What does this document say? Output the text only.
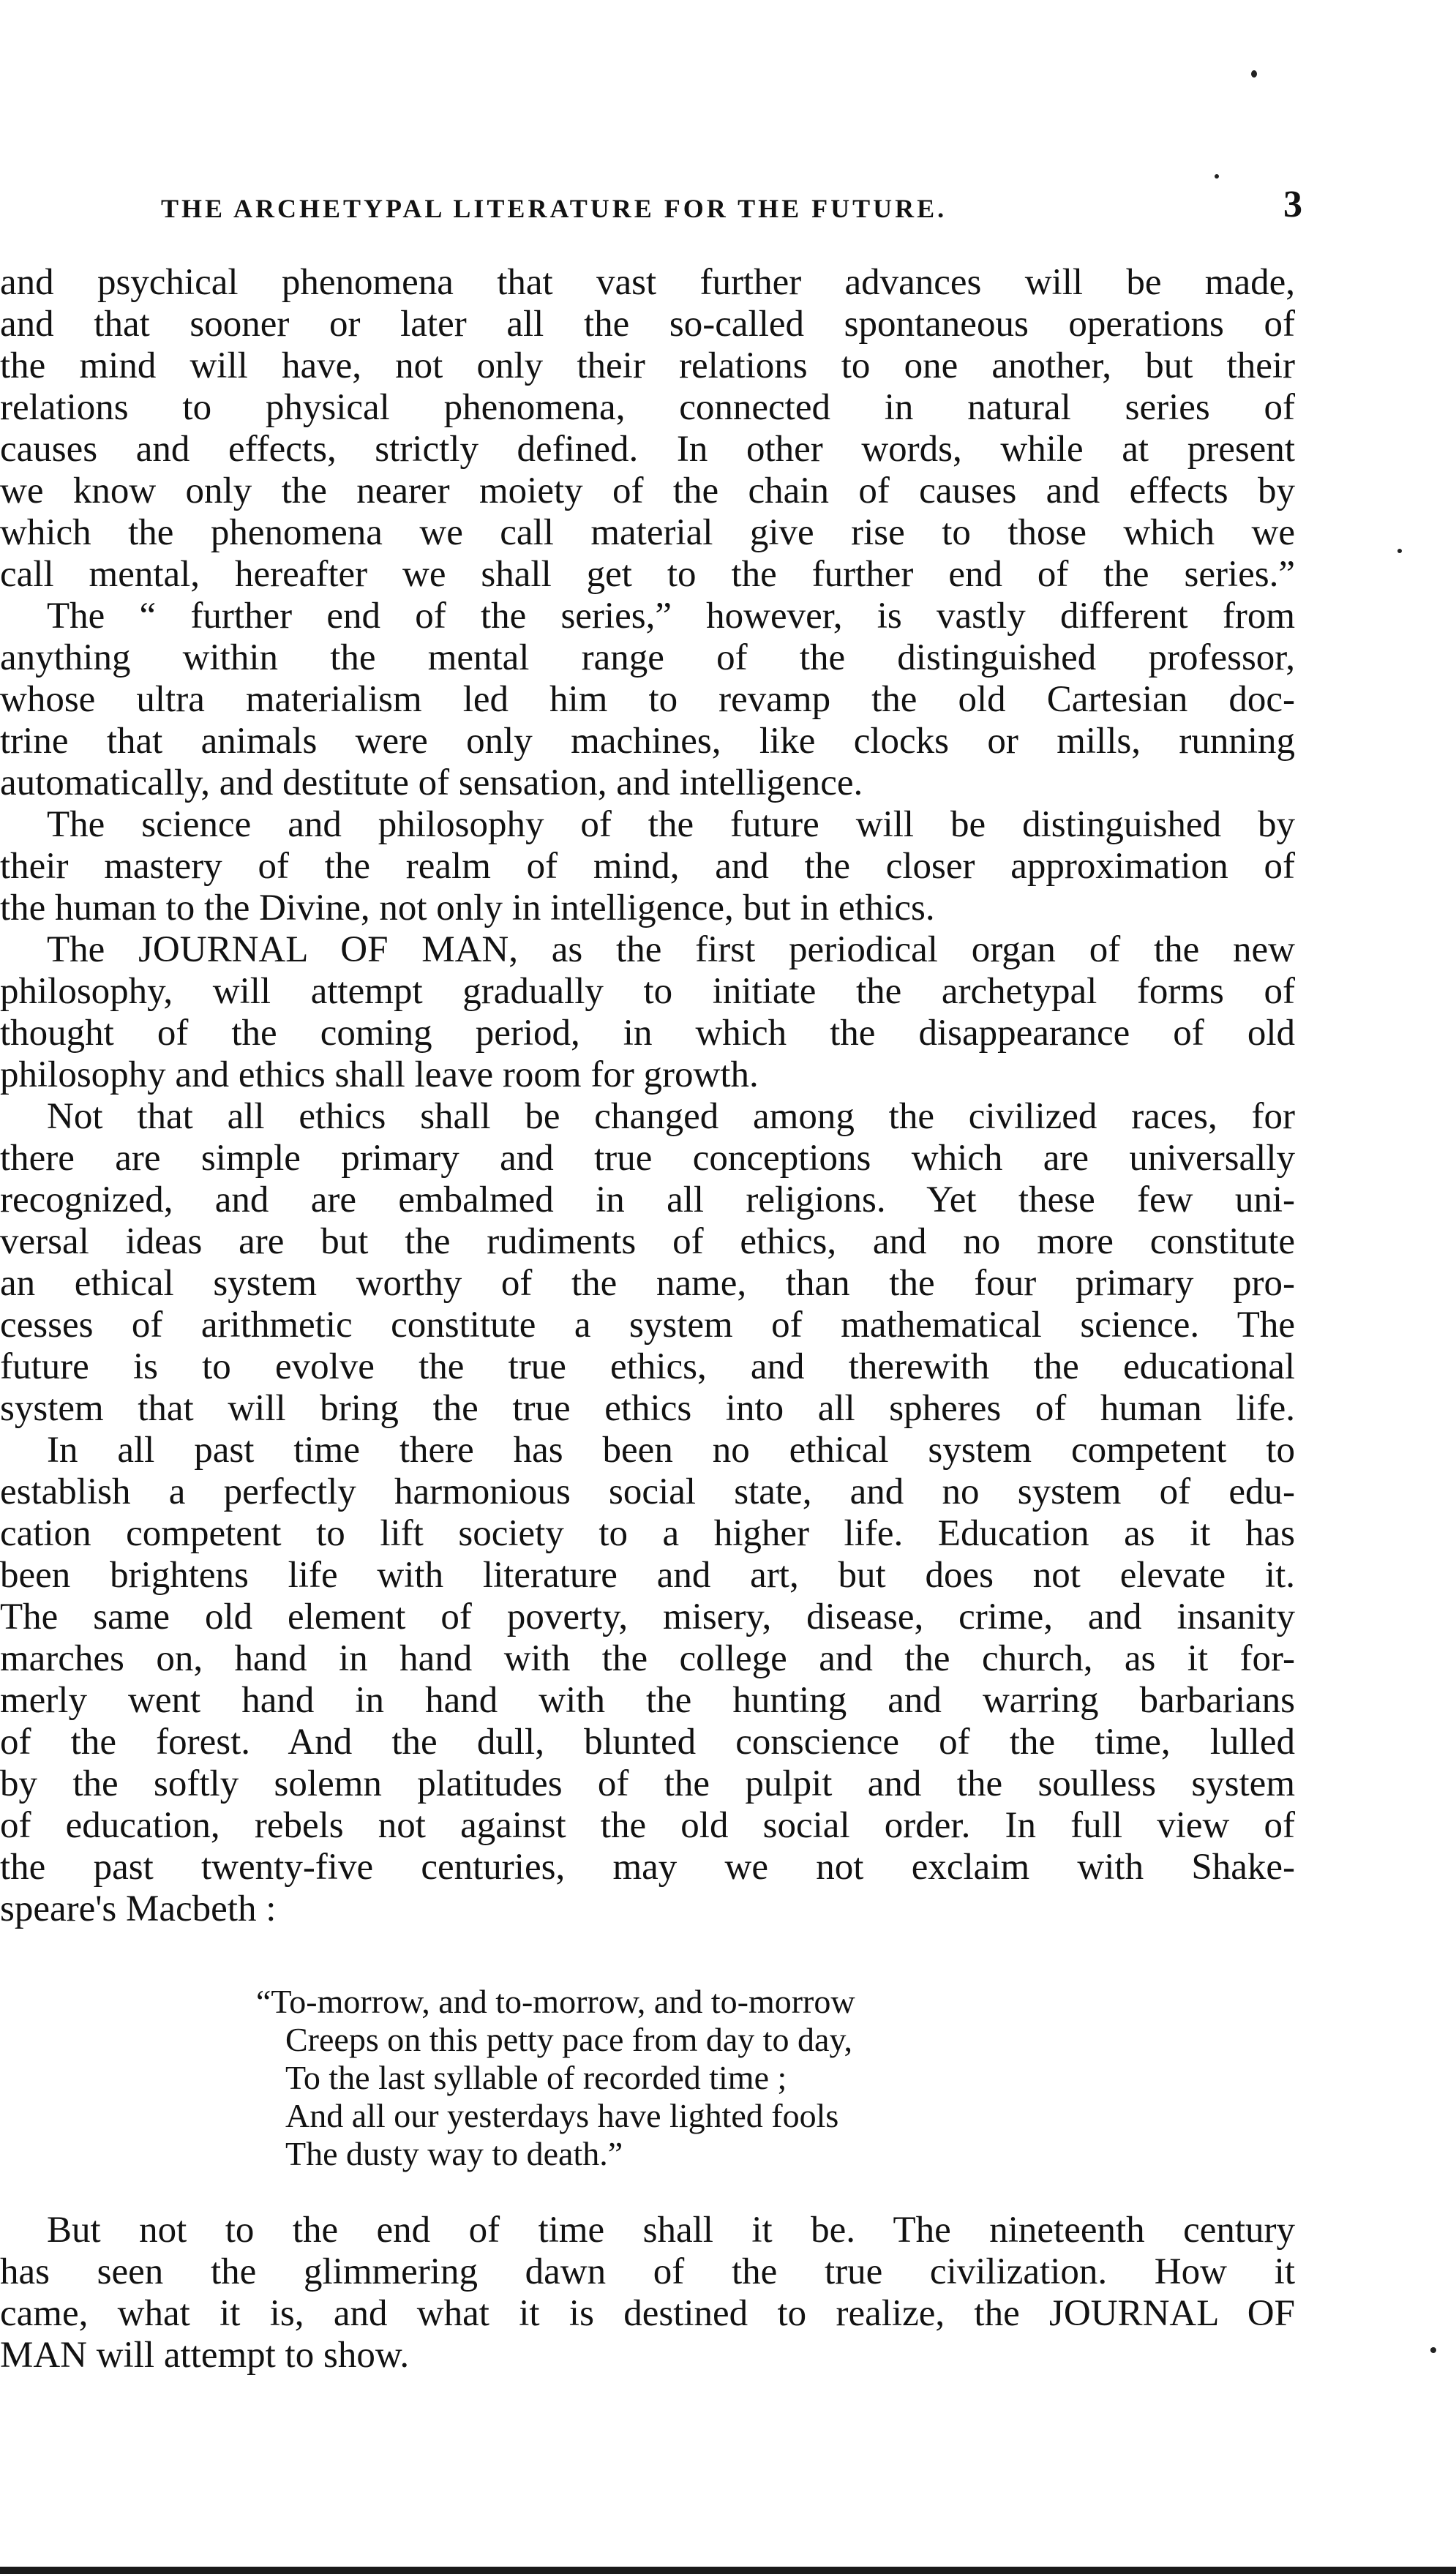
THE ARCHETYPAL LITERATURE FOR THE FUTURE.	3
and psychical phenomena that vast further advances will be made,
and that sooner or later all the so-called spontaneous operations of
the mind will have, not only their relations to one another, but their
relations to physical phenomena, connected in natural series of
causes and effects, strictly defined. In other words, while at present
we know only the nearer moiety of the chain of causes and effects by
which the phenomena we call material give rise to those which we
call mental, hereafter we shall get to the further end of the series.”
The “ further end of the series,” however, is vastly different from
anything within the mental range of the distinguished professor,
whose ultra materialism led him to revamp the old Cartesian doc-
trine that animals were only machines, like clocks or mills, running
automatically, and destitute of sensation, and intelligence.
The science and philosophy of the future will be distinguished by
their mastery of the realm of mind, and the closer approximation of
the human to the Divine, not only in intelligence, but in ethics.
The JOURNAL OF MAN, as the first periodical organ of the new
philosophy, will attempt gradually to initiate the archetypal forms of
thought of the coming period, in which the disappearance of old
philosophy and ethics shall leave room for growth.
Not that all ethics shall be changed among the civilized races, for
there are simple primary and true conceptions which are universally
recognized, and are embalmed in all religions. Yet these few uni-
versal ideas are but the rudiments of ethics, and no more constitute
an ethical system worthy of the name, than the four primary pro-
cesses of arithmetic constitute a system of mathematical science. The
future is to evolve the true ethics, and therewith the educational
system that will bring the true ethics into all spheres of human life.
In all past time there has been no ethical system competent to
establish a perfectly harmonious social state, and no system of edu-
cation competent to lift society to a higher life. Education as it has
been brightens life with literature and art, but does not elevate it.
The same old element of poverty, misery, disease, crime, and insanity
marches on, hand in hand with the college and the church, as it for-
merly went hand in hand with the hunting and warring barbarians
of the forest. And the dull, blunted conscience of the time, lulled
by the softly solemn platitudes of the pulpit and the soulless system
of education, rebels not against the old social order. In full view of
the past twenty-five centuries, may we not exclaim with Shake-
speare's Macbeth :
“To-morrow, and to-morrow, and to-morrow
Creeps on this petty pace from day to day,
To the last syllable of recorded time ;
And all our yesterdays have lighted fools
The dusty way to death.”
But not to the end of time shall it be. The nineteenth century
has seen the glimmering dawn of the true civilization. How it
came, what it is, and what it is destined to realize, the JOURNAL OF
MAN will attempt to show.
